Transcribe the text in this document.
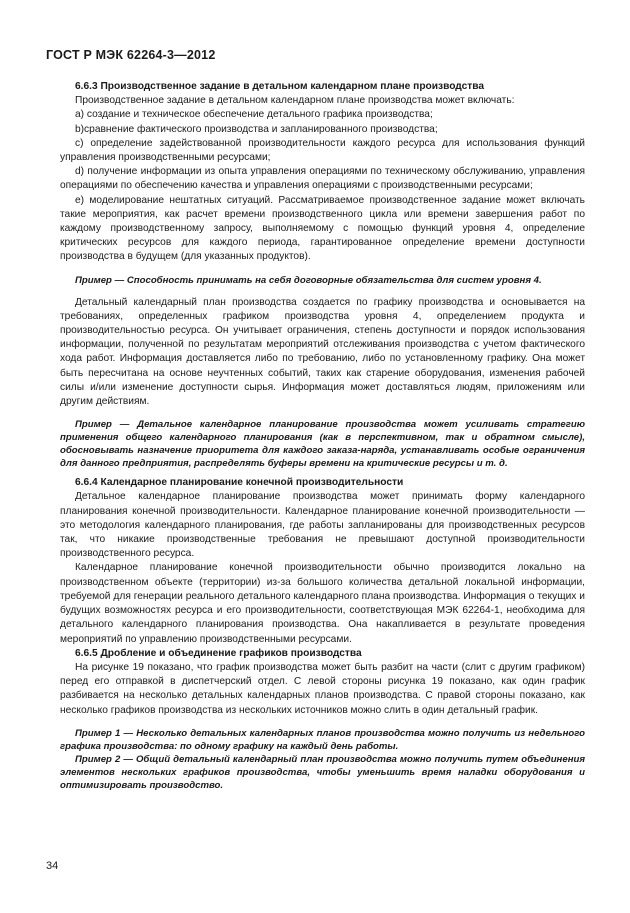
ГОСТ Р МЭК 62264-3—2012

6.6.3 Производственное задание в детальном календарном плане производства

Производственное задание в детальном календарном плане производства может включать:

a) создание и техническое обеспечение детального графика производства;

b)сравнение фактического производства и запланированного производства;

c) определение задействованной производительности каждого ресурса для использования функций управления производственными ресурсами;

d) получение информации из опыта управления операциями по техническому обслуживанию, управления операциями по обеспечению качества и управления операциями с производственными ресурсами;

e) моделирование нештатных ситуаций. Рассматриваемое производственное задание может включать такие мероприятия, как расчет времени производственного цикла или времени завершения работ по каждому производственному запросу, выполняемому с помощью функций уровня 4, определение критических ресурсов для каждого периода, гарантированное определение времени доступности производства в будущем (для указанных продуктов).

Пример — Способность принимать на себя договорные обязательства для систем уровня 4.

Детальный календарный план производства создается по графику производства и основывается на требованиях, определенных графиком производства уровня 4, определением продукта и производительностью ресурса. Он учитывает ограничения, степень доступности и порядок использования информации, полученной по результатам мероприятий отслеживания производства с учетом фактического хода работ. Информация доставляется либо по требованию, либо по установленному графику. Она может быть пересчитана на основе неучтенных событий, таких как старение оборудования, изменения рабочей силы и/или изменение доступности сырья. Информация может доставляться людям, приложениям или другим действиям.

Пример — Детальное календарное планирование производства может усиливать стратегию применения общего календарного планирования (как в перспективном, так и обратном смысле), обосновывать назначение приоритета для каждого заказа-наряда, устанавливать особые ограничения для данного предприятия, распределять буферы времени на критические ресурсы и т. д.

6.6.4 Календарное планирование конечной производительности

Детальное календарное планирование производства может принимать форму календарного планирования конечной производительности. Календарное планирование конечной производительности — это методология календарного планирования, где работы запланированы для производственных ресурсов так, что никакие производственные требования не превышают доступной производительности производственного ресурса.

Календарное планирование конечной производительности обычно производится локально на производственном объекте (территории) из-за большого количества детальной локальной информации, требуемой для генерации реального детального календарного плана производства. Информация о текущих и будущих возможностях ресурса и его производительности, соответствующая МЭК 62264-1, необходима для детального календарного планирования производства. Она накапливается в результате проведения мероприятий по управлению производственными ресурсами.

6.6.5 Дробление и объединение графиков производства

На рисунке 19 показано, что график производства может быть разбит на части (слит с другим графиком) перед его отправкой в диспетчерский отдел. С левой стороны рисунка 19 показано, как один график разбивается на несколько детальных календарных планов производства. С правой стороны показано, как несколько графиков производства из нескольких источников можно слить в один детальный график.

Пример 1 — Несколько детальных календарных планов производства можно получить из недельного графика производства: по одному графику на каждый день работы.

Пример 2 — Общий детальный календарный план производства можно получить путем объединения элементов нескольких графиков производства, чтобы уменьшить время наладки оборудования и оптимизировать производство.

34
